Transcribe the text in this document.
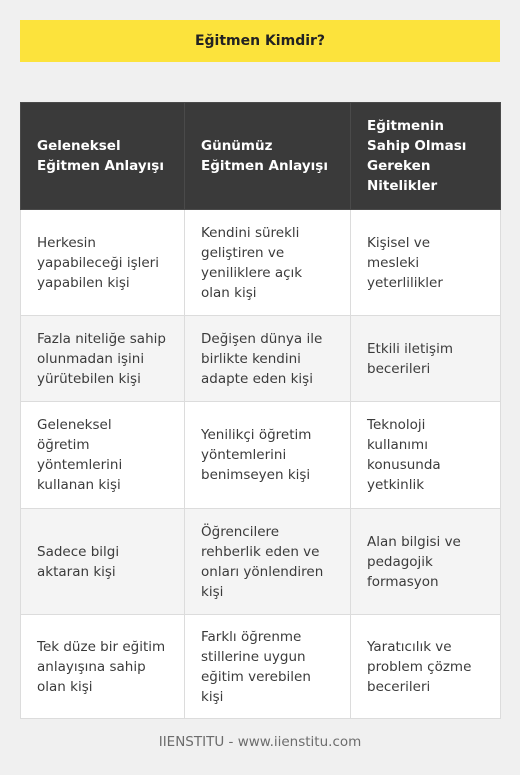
Eğitmen Kimdir?
Geleneksel Eğitmen Anlayışı	Günümüz Eğitmen Anlayışı	Eğitmenin Sahip Olması Gereken Nitelikler
Herkesin yapabileceği işleri yapabilen kişi	Kendini sürekli geliştiren ve yeniliklere açık olan kişi	Kişisel ve mesleki yeterlilikler
Fazla niteliğe sahip olunmadan işini yürütebilen kişi	Değişen dünya ile birlikte kendini adapte eden kişi	Etkili iletişim becerileri
Geleneksel öğretim yöntemlerini kullanan kişi	Yenilikçi öğretim yöntemlerini benimseyen kişi	Teknoloji kullanımı konusunda yetkinlik
Sadece bilgi aktaran kişi	Öğrencilere rehberlik eden ve onları yönlendiren kişi	Alan bilgisi ve pedagojik formasyon
Tek düze bir eğitim anlayışına sahip olan kişi	Farklı öğrenme stillerine uygun eğitim verebilen kişi	Yaratıcılık ve problem çözme becerileri
IIENSTITU - www.iienstitu.com
